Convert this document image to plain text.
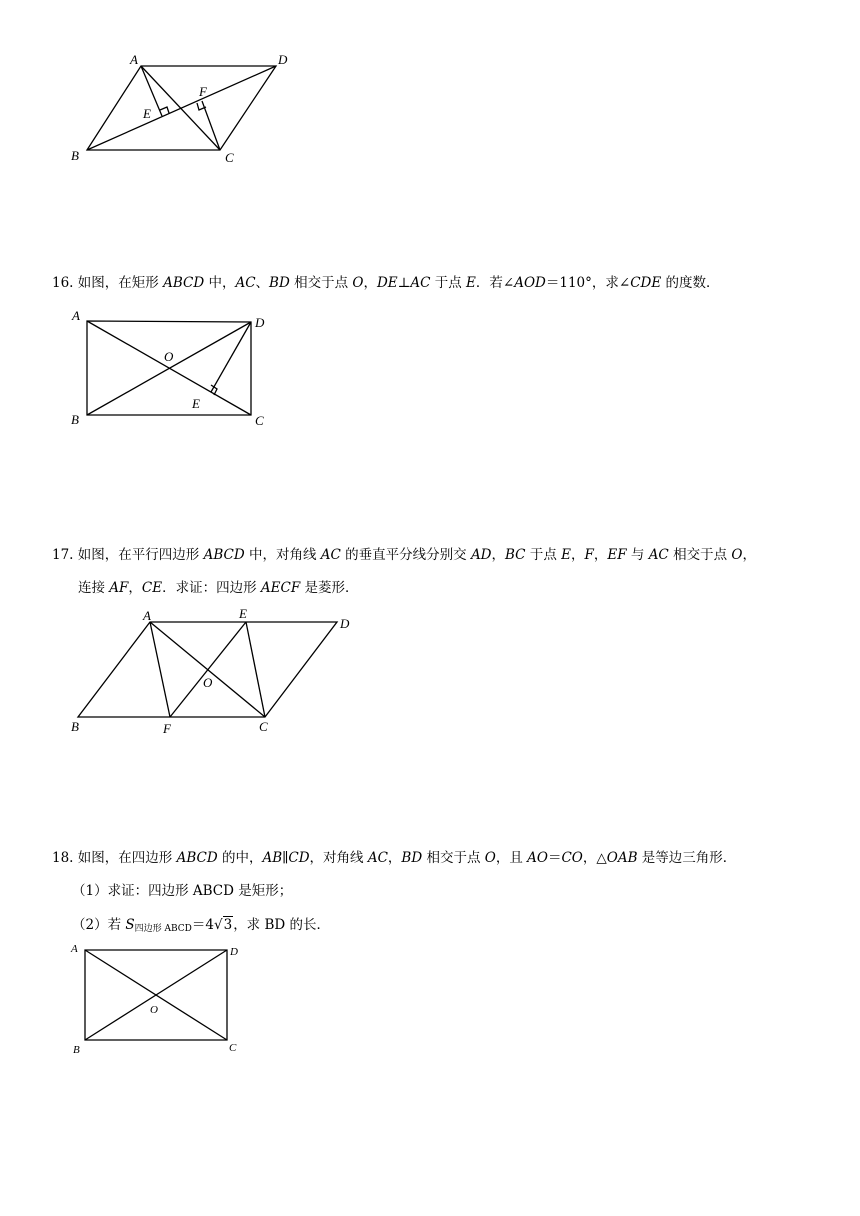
A	D
B	C
E
F
16. 如图，在矩形 ABCD 中，AC、BD 相交于点 O，DE⊥AC 于点 E．若∠AOD＝110°，求∠CDE 的度数．
A	D
B	C
O
E
17. 如图，在平行四边形 ABCD 中，对角线 AC 的垂直平分线分别交 AD，BC 于点 E，F，EF 与 AC 相交于点 O，
连接 AF，CE．求证：四边形 AECF 是菱形．
A	E
D
B	F	C
O
18. 如图，在四边形 ABCD 的中，AB∥CD，对角线 AC，BD 相交于点 O，且 AO＝CO，△OAB 是等边三角形．
（1）求证：四边形 ABCD 是矩形；
（2）若 S四边形 ABCD＝4√3，求 BD 的长．
A	D
B	C
O
